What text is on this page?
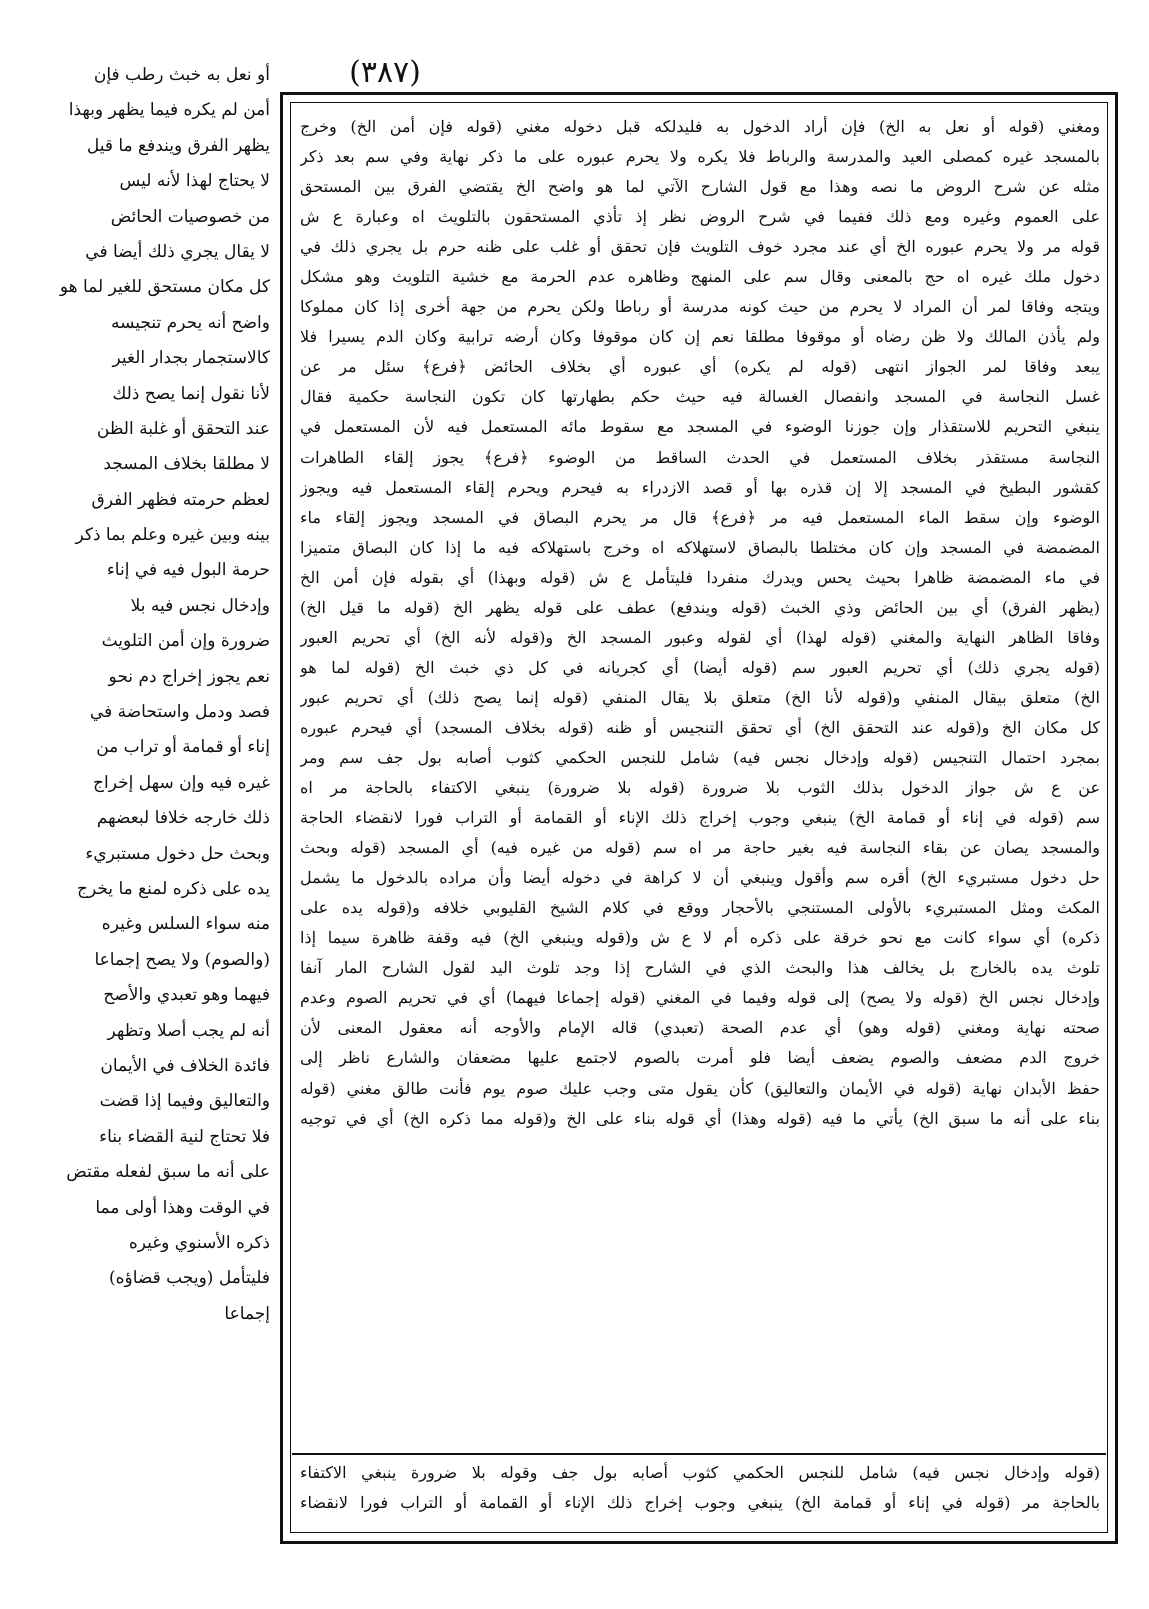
(٣٨٧)
أو نعل به خبث رطب فإن
أمن لم يكره فيما يظهر وبهذا
يظهر الفرق ويندفع ما قيل
لا يحتاج لهذا لأنه ليس
من خصوصيات الحائض
لا يقال يجري ذلك أيضا في
كل مكان مستحق للغير لما هو
واضح أنه يحرم تنجيسه
كالاستجمار بجدار الغير
لأنا نقول إنما يصح ذلك
عند التحقق أو غلبة الظن
لا مطلقا بخلاف المسجد
لعظم حرمته فظهر الفرق
بينه وبين غيره وعلم بما ذكر
حرمة البول فيه في إناء
وإدخال نجس فيه بلا
ضرورة وإن أمن التلويث
نعم يجوز إخراج دم نحو
فصد ودمل واستحاضة في
إناء أو قمامة أو تراب من
غيره فيه وإن سهل إخراج
ذلك خارجه خلافا لبعضهم
وبحث حل دخول مستبريء
يده على ذكره لمنع ما يخرج
منه سواء السلس وغيره
(والصوم) ولا يصح إجماعا
فيهما وهو تعبدي والأصح
أنه لم يجب أصلا وتظهر
فائدة الخلاف في الأيمان
والتعاليق وفيما إذا قضت
فلا تحتاج لنية القضاء بناء
على أنه ما سبق لفعله مقتض
في الوقت وهذا أولى مما
ذكره الأسنوي وغيره
فليتأمل (ويجب قضاؤه)
إجماعا
ومغني (قوله أو نعل به الخ) فإن أراد الدخول به فليدلكه قبل دخوله مغني (قوله فإن أمن الخ) وخرج
بالمسجد غيره كمصلى العيد والمدرسة والرباط فلا يكره ولا يحرم عبوره على ما ذكر نهاية وفي سم بعد ذكر
مثله عن شرح الروض ما نصه وهذا مع قول الشارح الآتي لما هو واضح الخ يقتضي الفرق بين المستحق
على العموم وغيره ومع ذلك ففيما في شرح الروض نظر إذ تأذي المستحقون بالتلويث اه وعبارة ع ش
قوله مر ولا يحرم عبوره الخ أي عند مجرد خوف التلويث فإن تحقق أو غلب على ظنه حرم بل يجري ذلك في
دخول ملك غيره اه حج بالمعنى وقال سم على المنهج وظاهره عدم الحرمة مع خشية التلويث وهو مشكل
ويتجه وفاقا لمر أن المراد لا يحرم من حيث كونه مدرسة أو رباطا ولكن يحرم من جهة أخرى إذا كان مملوكا
ولم يأذن المالك ولا ظن رضاه أو موقوفا مطلقا نعم إن كان موقوفا وكان أرضه ترابية وكان الدم يسيرا فلا
يبعد وفاقا لمر الجواز انتهى (قوله لم يكره) أي عبوره أي بخلاف الحائض ﴿فرع﴾ سئل مر عن
غسل النجاسة في المسجد وانفصال الغسالة فيه حيث حكم بطهارتها كان تكون النجاسة حكمية فقال
ينبغي التحريم للاستقذار وإن جوزنا الوضوء في المسجد مع سقوط مائه المستعمل فيه لأن المستعمل في
النجاسة مستقذر بخلاف المستعمل في الحدث الساقط من الوضوء ﴿فرع﴾ يجوز إلقاء الطاهرات
كقشور البطيخ في المسجد إلا إن قذره بها أو قصد الازدراء به فيحرم ويحرم إلقاء المستعمل فيه ويجوز
الوضوء وإن سقط الماء المستعمل فيه مر ﴿فرع﴾ قال مر يحرم البصاق في المسجد ويجوز إلقاء ماء
المضمضة في المسجد وإن كان مختلطا بالبصاق لاستهلاكه اه وخرج باستهلاكه فيه ما إذا كان البصاق متميزا
في ماء المضمضة ظاهرا بحيث يحس ويدرك منفردا فليتأمل ع ش (قوله وبهذا) أي بقوله فإن أمن الخ
(يظهر الفرق) أي بين الحائض وذي الخبث (قوله ويندفع) عطف على قوله يظهر الخ (قوله ما قيل الخ)
وفاقا الظاهر النهاية والمغني (قوله لهذا) أي لقوله وعبور المسجد الخ و(قوله لأنه الخ) أي تحريم العبور
(قوله يجري ذلك) أي تحريم العبور سم (قوله أيضا) أي كجريانه في كل ذي خبث الخ (قوله لما هو
الخ) متعلق بيقال المنفي و(قوله لأنا الخ) متعلق بلا يقال المنفي (قوله إنما يصح ذلك) أي تحريم عبور
كل مكان الخ و(قوله عند التحقق الخ) أي تحقق التنجيس أو ظنه (قوله بخلاف المسجد) أي فيحرم عبوره
بمجرد احتمال التنجيس (قوله وإدخال نجس فيه) شامل للنجس الحكمي كثوب أصابه بول جف سم ومر
عن ع ش جواز الدخول بذلك الثوب بلا ضرورة (قوله بلا ضرورة) ينبغي الاكتفاء بالحاجة مر اه
سم (قوله في إناء أو قمامة الخ) ينبغي وجوب إخراج ذلك الإناء أو القمامة أو التراب فورا لانقضاء الحاجة
والمسجد يصان عن بقاء النجاسة فيه بغير حاجة مر اه سم (قوله من غيره فيه) أي المسجد (قوله وبحث
حل دخول مستبريء الخ) أقره سم وأقول وينبغي أن لا كراهة في دخوله أيضا وأن مراده بالدخول ما يشمل
المكث ومثل المستبريء بالأولى المستنجي بالأحجار ووقع في كلام الشيخ القليوبي خلافه و(قوله يده على
ذكره) أي سواء كانت مع نحو خرقة على ذكره أم لا ع ش و(قوله وينبغي الخ) فيه وقفة ظاهرة سيما إذا
تلوث يده بالخارج بل يخالف هذا والبحث الذي في الشارح إذا وجد تلوث اليد لقول الشارح المار آنفا
وإدخال نجس الخ (قوله ولا يصح) إلى قوله وفيما في المغني (قوله إجماعا فيهما) أي في تحريم الصوم وعدم
صحته نهاية ومغني (قوله وهو) أي عدم الصحة (تعبدي) قاله الإمام والأوجه أنه معقول المعنى لأن
خروج الدم مضعف والصوم يضعف أيضا فلو أمرت بالصوم لاجتمع عليها مضعفان والشارع ناظر إلى
حفظ الأبدان نهاية (قوله في الأيمان والتعاليق) كأن يقول متى وجب عليك صوم يوم فأنت طالق مغني (قوله
بناء على أنه ما سبق الخ) يأتي ما فيه (قوله وهذا) أي قوله بناء على الخ و(قوله مما ذكره الخ) أي في توجيه
(قوله وإدخال نجس فيه) شامل للنجس الحكمي كثوب أصابه بول جف وقوله بلا ضرورة ينبغي الاكتفاء
بالحاجة مر (قوله في إناء أو قمامة الخ) ينبغي وجوب إخراج ذلك الإناء أو القمامة أو التراب فورا لانقضاء
